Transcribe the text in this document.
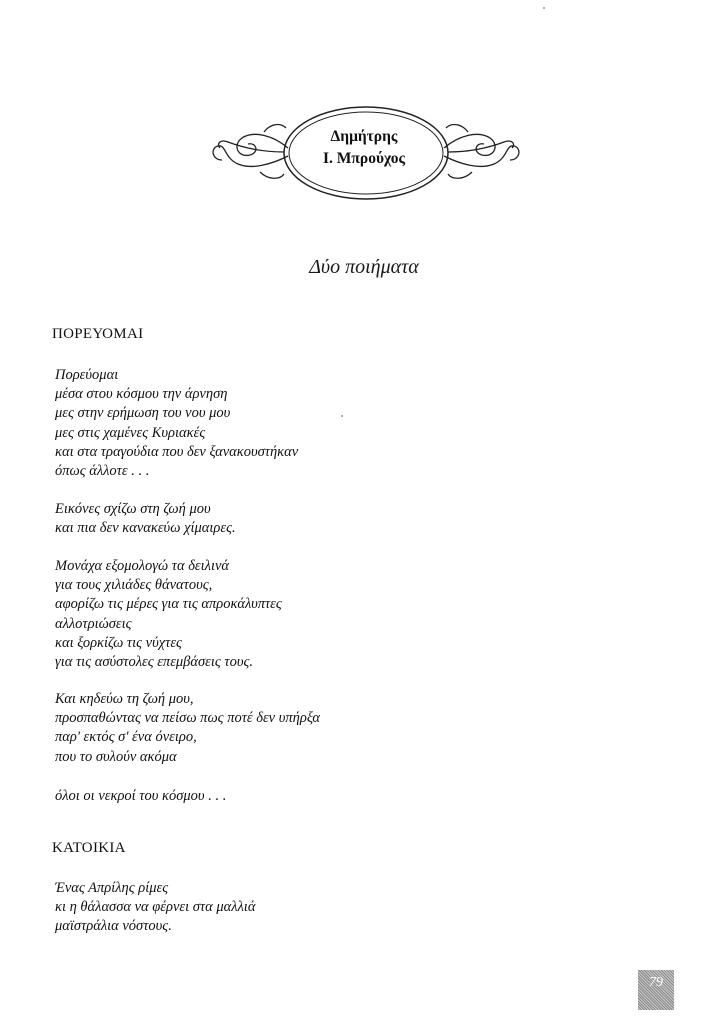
Δημήτρης
Ι. Μπρούχος
Δύο ποιήματα
ΠΟΡΕΥΟΜΑΙ
Πορεύομαι
μέσα στου κόσμου την άρνηση
μες στην ερήμωση του νου μου
μες στις χαμένες Κυριακές
και στα τραγούδια που δεν ξανακουστήκαν
όπως άλλοτε . . .
Εικόνες σχίζω στη ζωή μου
και πια δεν κανακεύω χίμαιρες.
Μονάχα εξομολογώ τα δειλινά
για τους χιλιάδες θάνατους,
αφορίζω τις μέρες για τις απροκάλυπτες
αλλοτριώσεις
και ξορκίζω τις νύχτες
για τις ασύστολες επεμβάσεις τους.
Και κηδεύω τη ζωή μου,
προσπαθώντας να πείσω πως ποτέ δεν υπήρξα
παρ' εκτός σ' ένα όνειρο,
που το συλούν ακόμα
όλοι οι νεκροί του κόσμου . . .
ΚΑΤΟΙΚΙΑ
Ένας Απρίλης ρίμες
κι η θάλασσα να φέρνει στα μαλλιά
μαϊστράλια νόστους.
79
